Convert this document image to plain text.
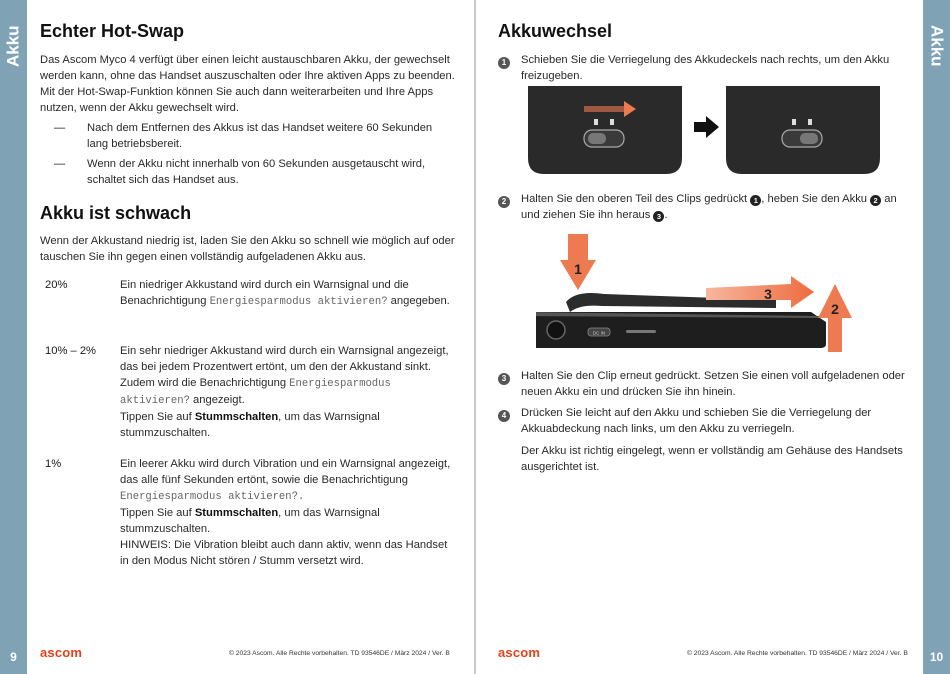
Akku
9
Akku
10
Echter Hot-Swap

Das Ascom Myco 4 verfügt über einen leicht austauschbaren Akku, der gewechselt werden kann, ohne das Handset auszuschalten oder Ihre aktiven Apps zu beenden. Mit der Hot-Swap-Funktion können Sie auch dann weiterarbeiten und Ihre Apps nutzen, wenn der Akku gewechselt wird.

—	Nach dem Entfernen des Akkus ist das Handset weitere 60 Sekunden lang betriebsbereit.
—	Wenn der Akku nicht innerhalb von 60 Sekunden ausgetauscht wird, schaltet sich das Handset aus.
Akku ist schwach

Wenn der Akkustand niedrig ist, laden Sie den Akku so schnell wie möglich auf oder tauschen Sie ihn gegen einen vollständig aufgeladenen Akku aus.

20%	Ein niedriger Akkustand wird durch ein Warnsignal und die Benachrichtigung Energiesparmodus aktivieren? angegeben.
10% – 2%	Ein sehr niedriger Akkustand wird durch ein Warnsignal angezeigt, das bei jedem Prozentwert ertönt, um den der Akkustand sinkt. Zudem wird die Benachrichtigung Energiesparmodus aktivieren? angezeigt.
Tippen Sie auf Stummschalten, um das Warnsignal stummzuschalten.
1%	Ein leerer Akku wird durch Vibration und ein Warnsignal angezeigt, das alle fünf Sekunden ertönt, sowie die Benachrichtigung Energiesparmodus aktivieren?.
Tippen Sie auf Stummschalten, um das Warnsignal stummzuschalten.
HINWEIS: Die Vibration bleibt auch dann aktiv, wenn das Handset in den Modus Nicht stören / Stumm versetzt wird.
ascom	© 2023 Ascom. Alle Rechte vorbehalten. TD 93546DE / März 2024 / Ver. B
Akkuwechsel
1	Schieben Sie die Verriegelung des Akkudeckels nach rechts, um den Akku freizugeben.

2	Halten Sie den oberen Teil des Clips gedrückt 1 , heben Sie den Akku 2 an und ziehen Sie ihn heraus 3 .

1
DC IN
3
2
3	Halten Sie den Clip erneut gedrückt. Setzen Sie einen voll aufgeladenen oder neuen Akku ein und drücken Sie ihn hinein.

4	Drücken Sie leicht auf den Akku und schieben Sie die Verriegelung der Akkuabdeckung nach links, um den Akku zu verriegeln.

Der Akku ist richtig eingelegt, wenn er vollständig am Gehäuse des Handsets ausgerichtet ist.

ascom	© 2023 Ascom. Alle Rechte vorbehalten. TD 93546DE / März 2024 / Ver. B
